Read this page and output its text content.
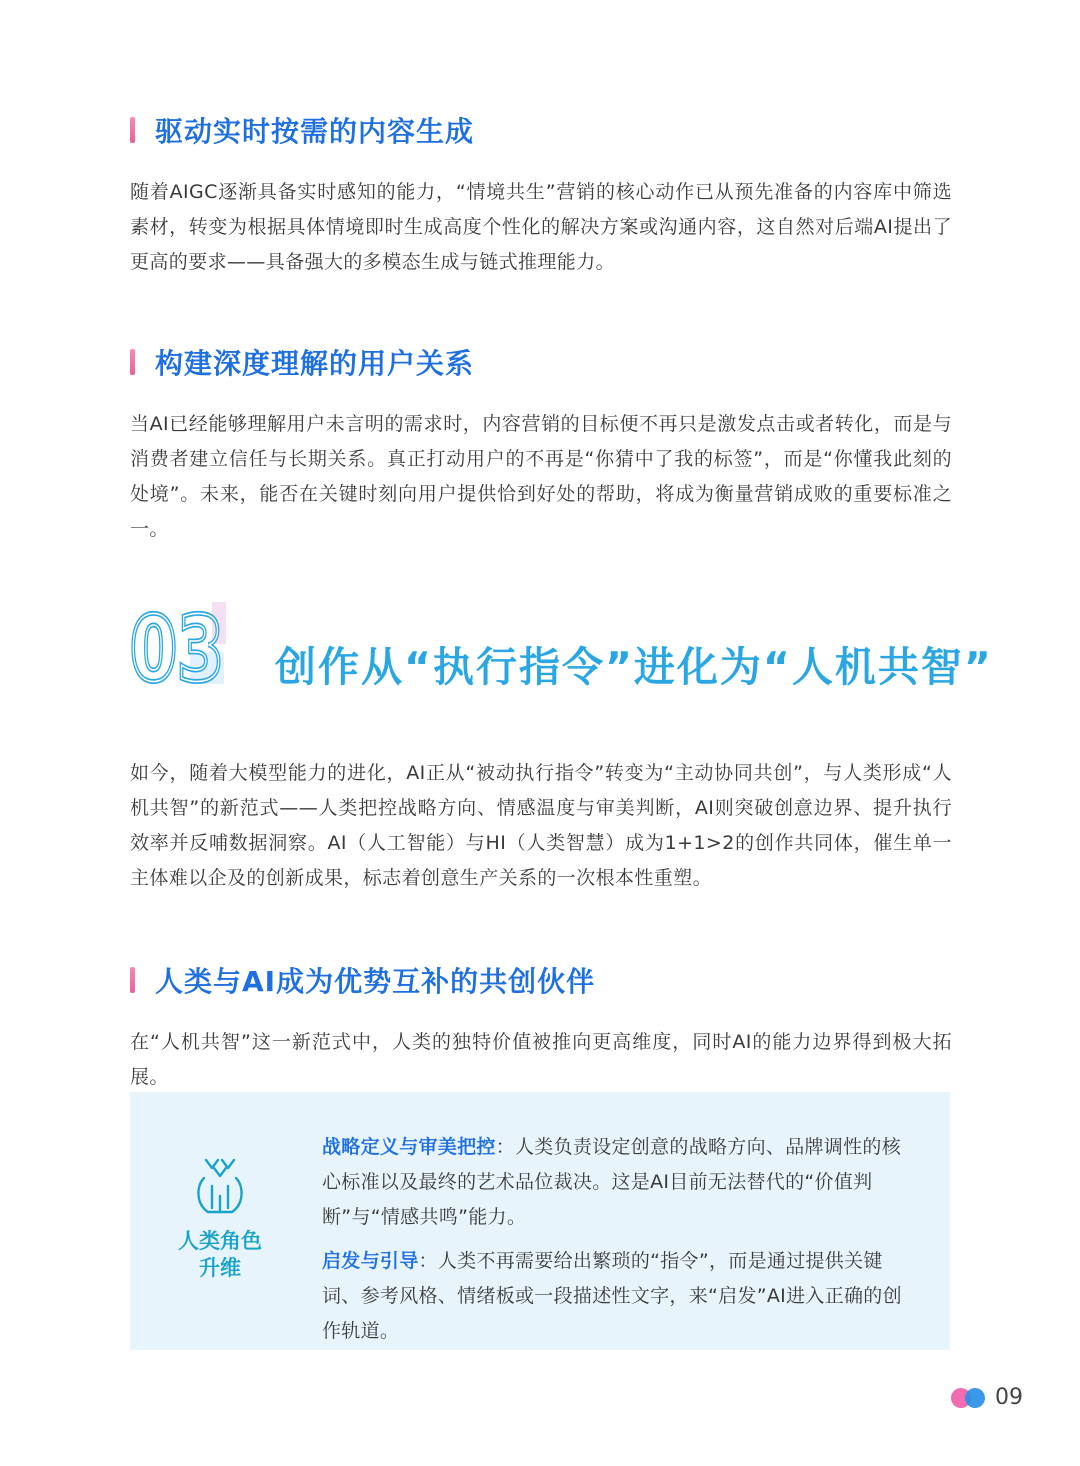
驱动实时按需的内容生成

随着AIGC逐渐具备实时感知的能力，“情境共生”营销的核心动作已从预先准备的内容库中筛选素材，转变为根据具体情境即时生成高度个性化的解决方案或沟通内容，这自然对后端AI提出了更高的要求——具备强大的多模态生成与链式推理能力。

构建深度理解的用户关系

当AI已经能够理解用户未言明的需求时，内容营销的目标便不再只是激发点击或者转化，而是与消费者建立信任与长期关系。真正打动用户的不再是“你猜中了我的标签”，而是“你懂我此刻的处境”。未来，能否在关键时刻向用户提供恰到好处的帮助，将成为衡量营销成败的重要标准之一。

03
03 创作从“执行指令”进化为“人机共智”

如今，随着大模型能力的进化，AI正从“被动执行指令”转变为“主动协同共创”，与人类形成“人机共智”的新范式——人类把控战略方向、情感温度与审美判断，AI则突破创意边界、提升执行效率并反哺数据洞察。AI（人工智能）与HI（人类智慧）成为1+1>2的创作共同体，催生单一主体难以企及的创新成果，标志着创意生产关系的一次根本性重塑。

人类与AI成为优势互补的共创伙伴

在“人机共智”这一新范式中，人类的独特价值被推向更高维度，同时AI的能力边界得到极大拓展。

人类角色
升维

战略定义与审美把控：人类负责设定创意的战略方向、品牌调性的核心标准以及最终的艺术品位裁决。这是AI目前无法替代的“价值判断”与“情感共鸣”能力。

启发与引导：人类不再需要给出繁琐的“指令”，而是通过提供关键词、参考风格、情绪板或一段描述性文字，来“启发”AI进入正确的创作轨道。

09
